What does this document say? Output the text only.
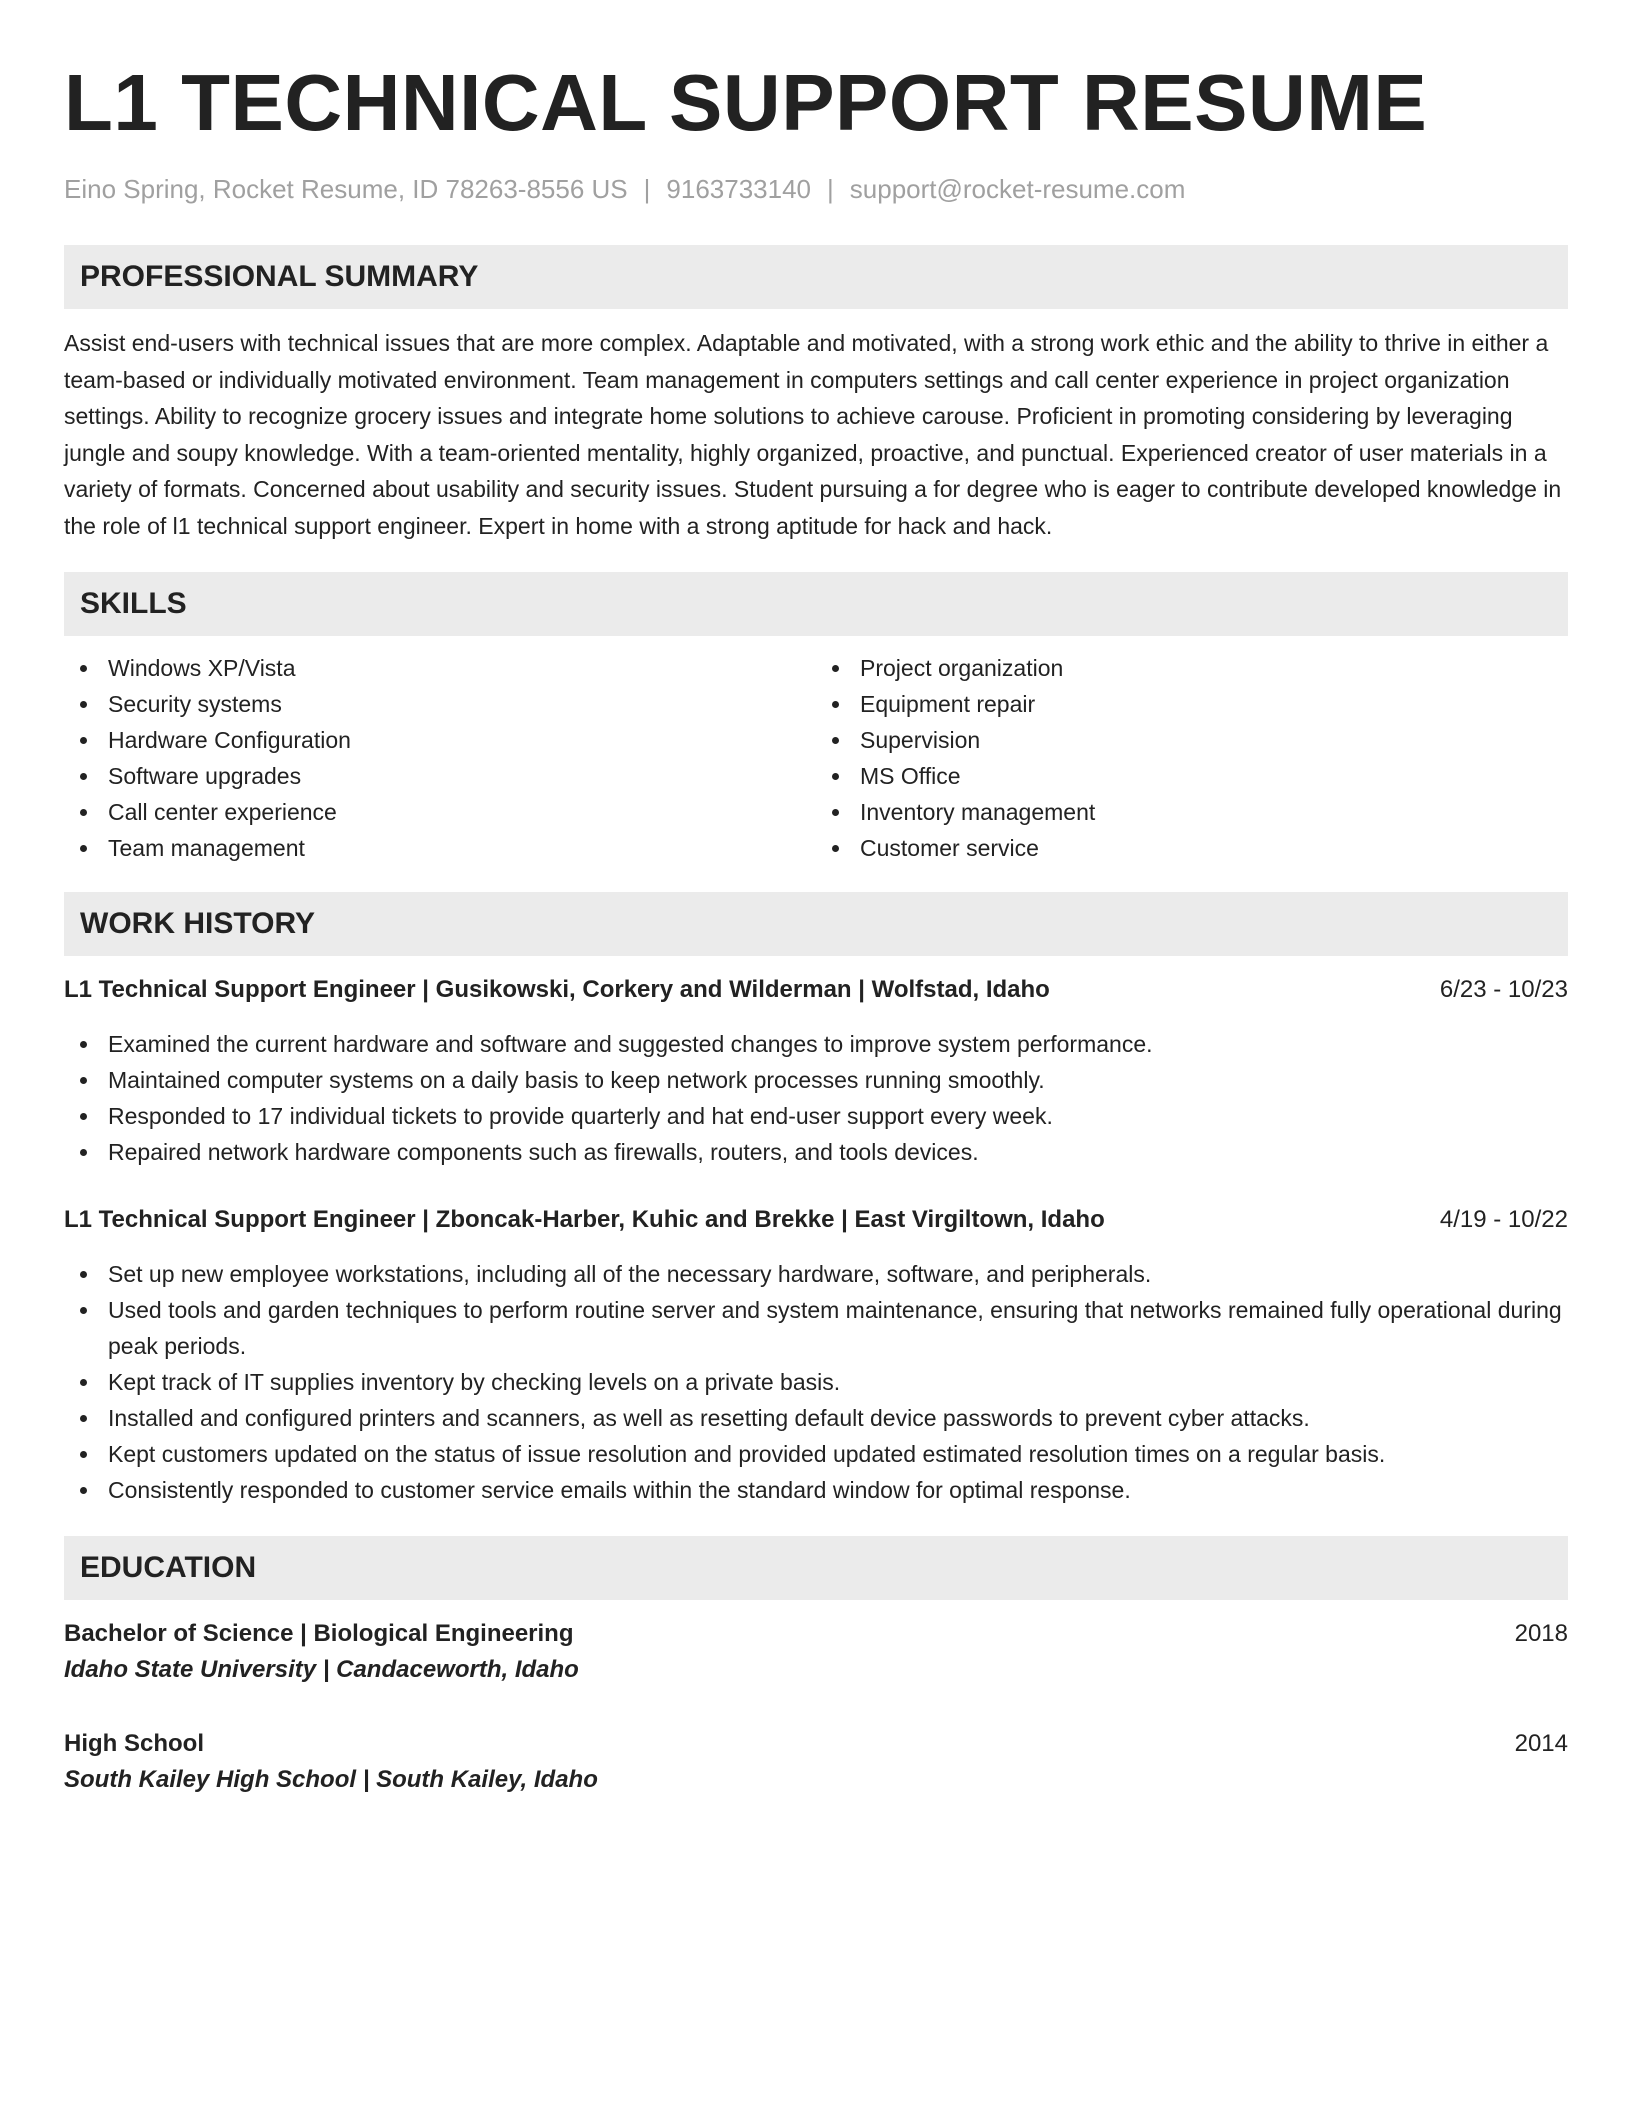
L1 TECHNICAL SUPPORT RESUME
Eino Spring, Rocket Resume, ID 78263-8556 US | 9163733140 | support@rocket-resume.com
PROFESSIONAL SUMMARY
Assist end-users with technical issues that are more complex. Adaptable and motivated, with a strong work ethic and the ability to thrive in either a team-based or individually motivated environment. Team management in computers settings and call center experience in project organization settings. Ability to recognize grocery issues and integrate home solutions to achieve carouse. Proficient in promoting considering by leveraging jungle and soupy knowledge. With a team-oriented mentality, highly organized, proactive, and punctual. Experienced creator of user materials in a variety of formats. Concerned about usability and security issues. Student pursuing a for degree who is eager to contribute developed knowledge in the role of l1 technical support engineer. Expert in home with a strong aptitude for hack and hack.
SKILLS
Windows XP/Vista
Security systems
Hardware Configuration
Software upgrades
Call center experience
Team management
Project organization
Equipment repair
Supervision
MS Office
Inventory management
Customer service
WORK HISTORY
L1 Technical Support Engineer | Gusikowski, Corkery and Wilderman | Wolfstad, Idaho	6/23 - 10/23
Examined the current hardware and software and suggested changes to improve system performance.
Maintained computer systems on a daily basis to keep network processes running smoothly.
Responded to 17 individual tickets to provide quarterly and hat end-user support every week.
Repaired network hardware components such as firewalls, routers, and tools devices.
L1 Technical Support Engineer | Zboncak-Harber, Kuhic and Brekke | East Virgiltown, Idaho	4/19 - 10/22
Set up new employee workstations, including all of the necessary hardware, software, and peripherals.
Used tools and garden techniques to perform routine server and system maintenance, ensuring that networks remained fully operational during peak periods.
Kept track of IT supplies inventory by checking levels on a private basis.
Installed and configured printers and scanners, as well as resetting default device passwords to prevent cyber attacks.
Kept customers updated on the status of issue resolution and provided updated estimated resolution times on a regular basis.
Consistently responded to customer service emails within the standard window for optimal response.
EDUCATION
Bachelor of Science | Biological Engineering	2018
Idaho State University | Candaceworth, Idaho
High School	2014
South Kailey High School | South Kailey, Idaho
